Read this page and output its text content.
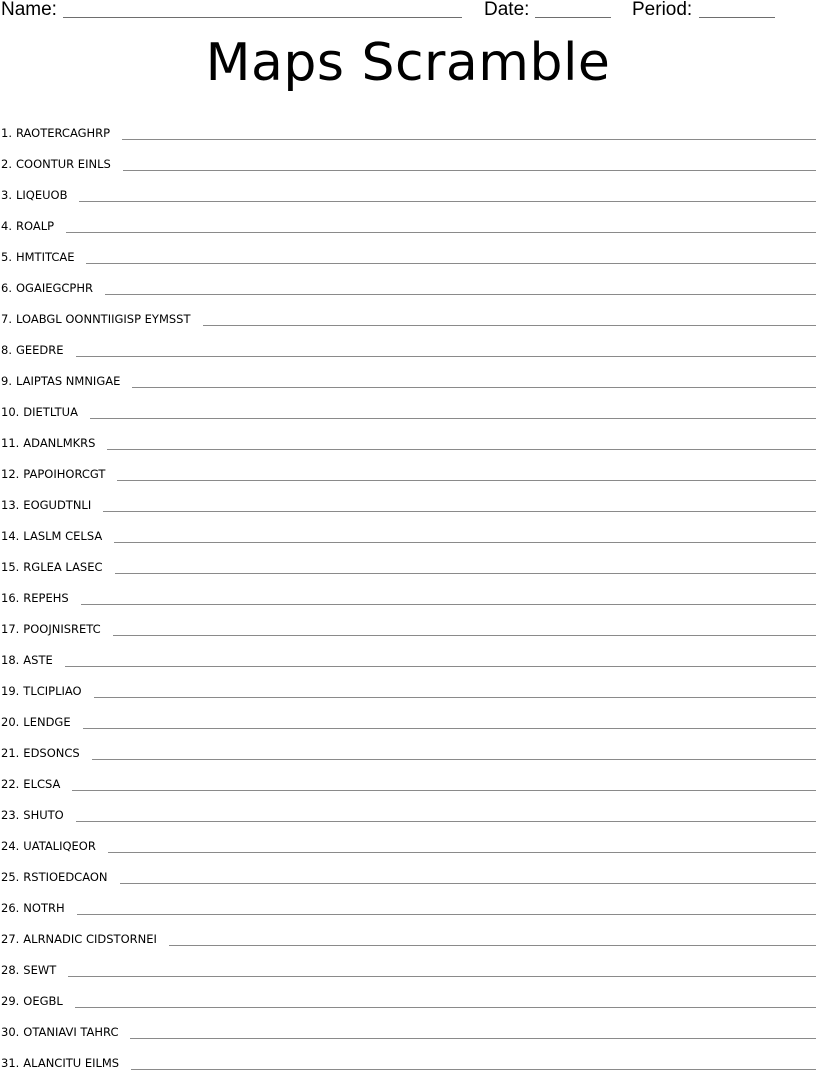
Name:	Date:	Period:
Maps Scramble
1. RAOTERCAGHRP
2. COONTUR EINLS
3. LIQEUOB
4. ROALP
5. HMTITCAE
6. OGAIEGCPHR
7. LOABGL OONNTIIGISP EYMSST
8. GEEDRE
9. LAIPTAS NMNIGAE
10. DIETLTUA
11. ADANLMKRS
12. PAPOIHORCGT
13. EOGUDTNLI
14. LASLM CELSA
15. RGLEA LASEC
16. REPEHS
17. POOJNISRETC
18. ASTE
19. TLCIPLIAO
20. LENDGE
21. EDSONCS
22. ELCSA
23. SHUTO
24. UATALIQEOR
25. RSTIOEDCAON
26. NOTRH
27. ALRNADIC CIDSTORNEI
28. SEWT
29. OEGBL
30. OTANIAVI TAHRC
31. ALANCITU EILMS
